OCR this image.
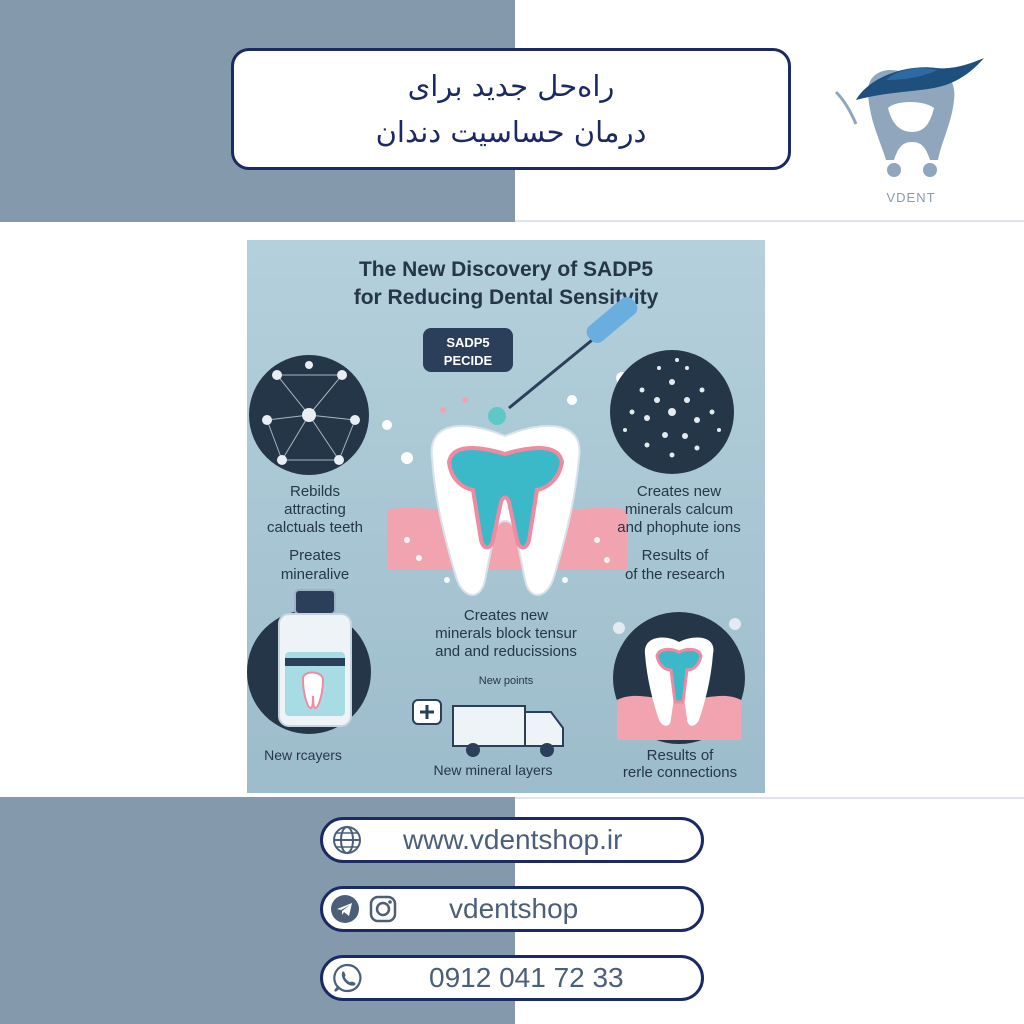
راه‌حل جدید برای
درمان حساسیت دندان
VDENT
The New Discovery of SADP5
for Reducing Dental Sensitvity
SADP5
PECIDE
Rebilds
attracting
calctuals teeth
Preates
mineralive
Creates new
minerals calcum
and phophute ions
Results of
of the research
Creates new
minerals block tensur
and and reducissions
New points
New rcayers
New mineral layers
Results of
rerle connections
www.vdentshop.ir
vdentshop
0912 041 72 33
